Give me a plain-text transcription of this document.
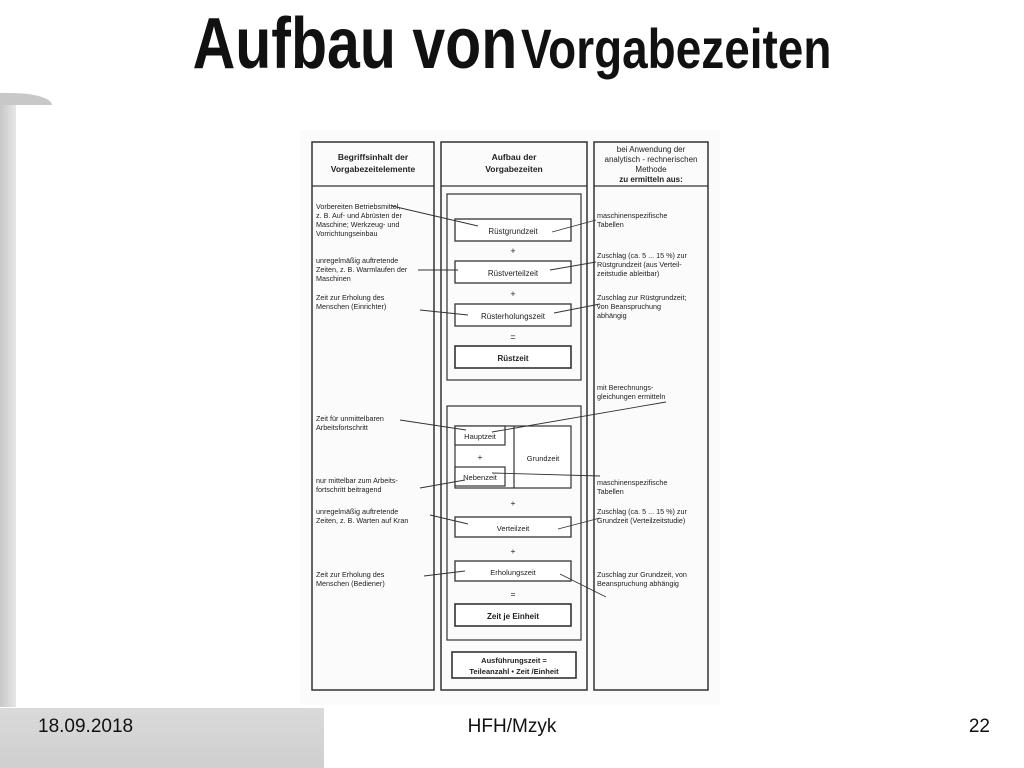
Aufbau von Vorgabezeiten
Begriffsinhalt der
Vorgabezeitelemente
Aufbau der
Vorgabezeiten
bei Anwendung der
analytisch - rechnerischen
Methode
zu ermitteln aus:
Rüstgrundzeit
+
Rüstverteilzeit
+
Rüsterholungszeit
=
Rüstzeit
Vorbereiten Betriebsmittel,
z. B. Auf- und Abrüsten der
Maschine; Werkzeug- und
Vorrichtungseinbau
unregelmäßig auftretende
Zeiten, z. B. Warmlaufen der
Maschinen
Zeit zur Erholung des
Menschen (Einrichter)
maschinenspezifische
Tabellen
Zuschlag (ca. 5 ... 15 %) zur
Rüstgrundzeit (aus Verteil-
zeitstudie ableitbar)
Zuschlag zur Rüstgrundzeit;
von Beanspruchung
abhängig
Hauptzeit
+
Nebenzeit
Grundzeit
+
Verteilzeit
+
Erholungszeit
=
Zeit je Einheit
Ausführungszeit =
Teileanzahl • Zeit /Einheit
Zeit für unmittelbaren
Arbeitsfortschritt
nur mittelbar zum Arbeits-
fortschritt beitragend
unregelmäßig auftretende
Zeiten, z. B. Warten auf Kran
Zeit zur Erholung des
Menschen (Bediener)
mit Berechnungs-
gleichungen ermitteln
maschinenspezifische
Tabellen
Zuschlag (ca. 5 ... 15 %) zur
Grundzeit (Verteilzeitstudie)
Zuschlag zur Grundzeit, von
Beanspruchung abhängig
18.09.2018	HFH/Mzyk	22
